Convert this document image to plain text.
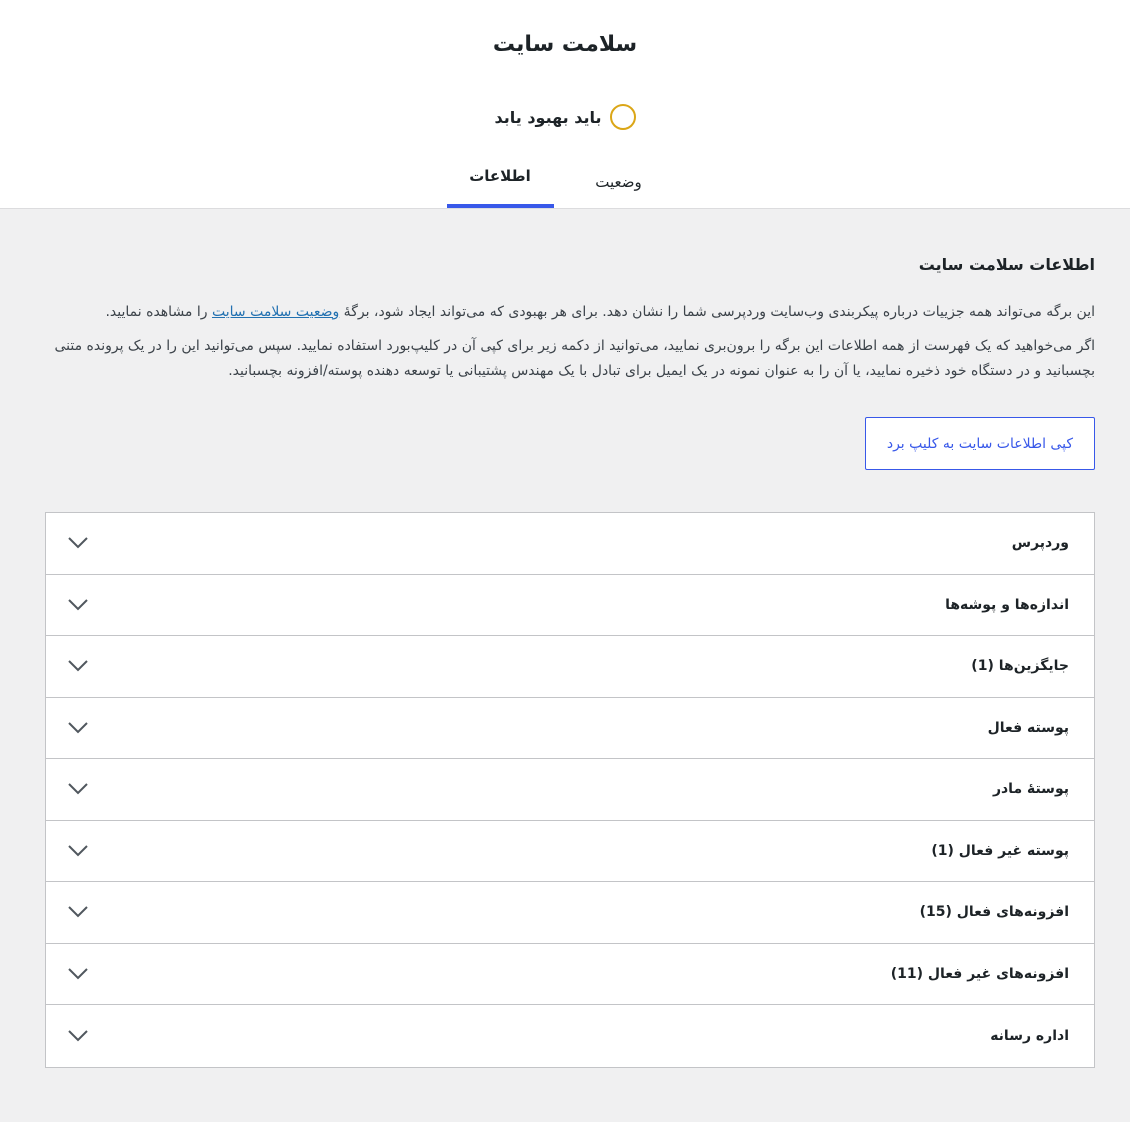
سلامت سایت
باید بهبود یابد
اطلاعات	وضعیت
اطلاعات سلامت سایت

این برگه می‌تواند همه جزییات درباره پیکربندی وب‌سایت وردپرسی شما را نشان دهد. برای هر بهبودی که می‌تواند ایجاد شود، برگهٔ وضعیت سلامت سایت را مشاهده نمایید.

اگر می‌خواهید که یک فهرست از همه اطلاعات این برگه را برون‌بری نمایید، می‌توانید از دکمه زیر برای کپی آن در کلیپ‌بورد استفاده نمایید. سپس می‌توانید این را در یک پرونده متنی بچسبانید و در دستگاه خود ذخیره نمایید، یا آن را به عنوان نمونه در یک ایمیل برای تبادل با یک مهندس پشتیبانی یا توسعه دهنده پوسته/افزونه بچسبانید.

کپی اطلاعات سایت به کلیپ برد
وردپرس
اندازه‌ها و پوشه‌ها
جایگزین‌ها (1)
پوسته فعال
پوستهٔ مادر
پوسته غیر فعال (1)
افزونه‌های فعال (15)
افزونه‌های غیر فعال (11)
اداره رسانه
